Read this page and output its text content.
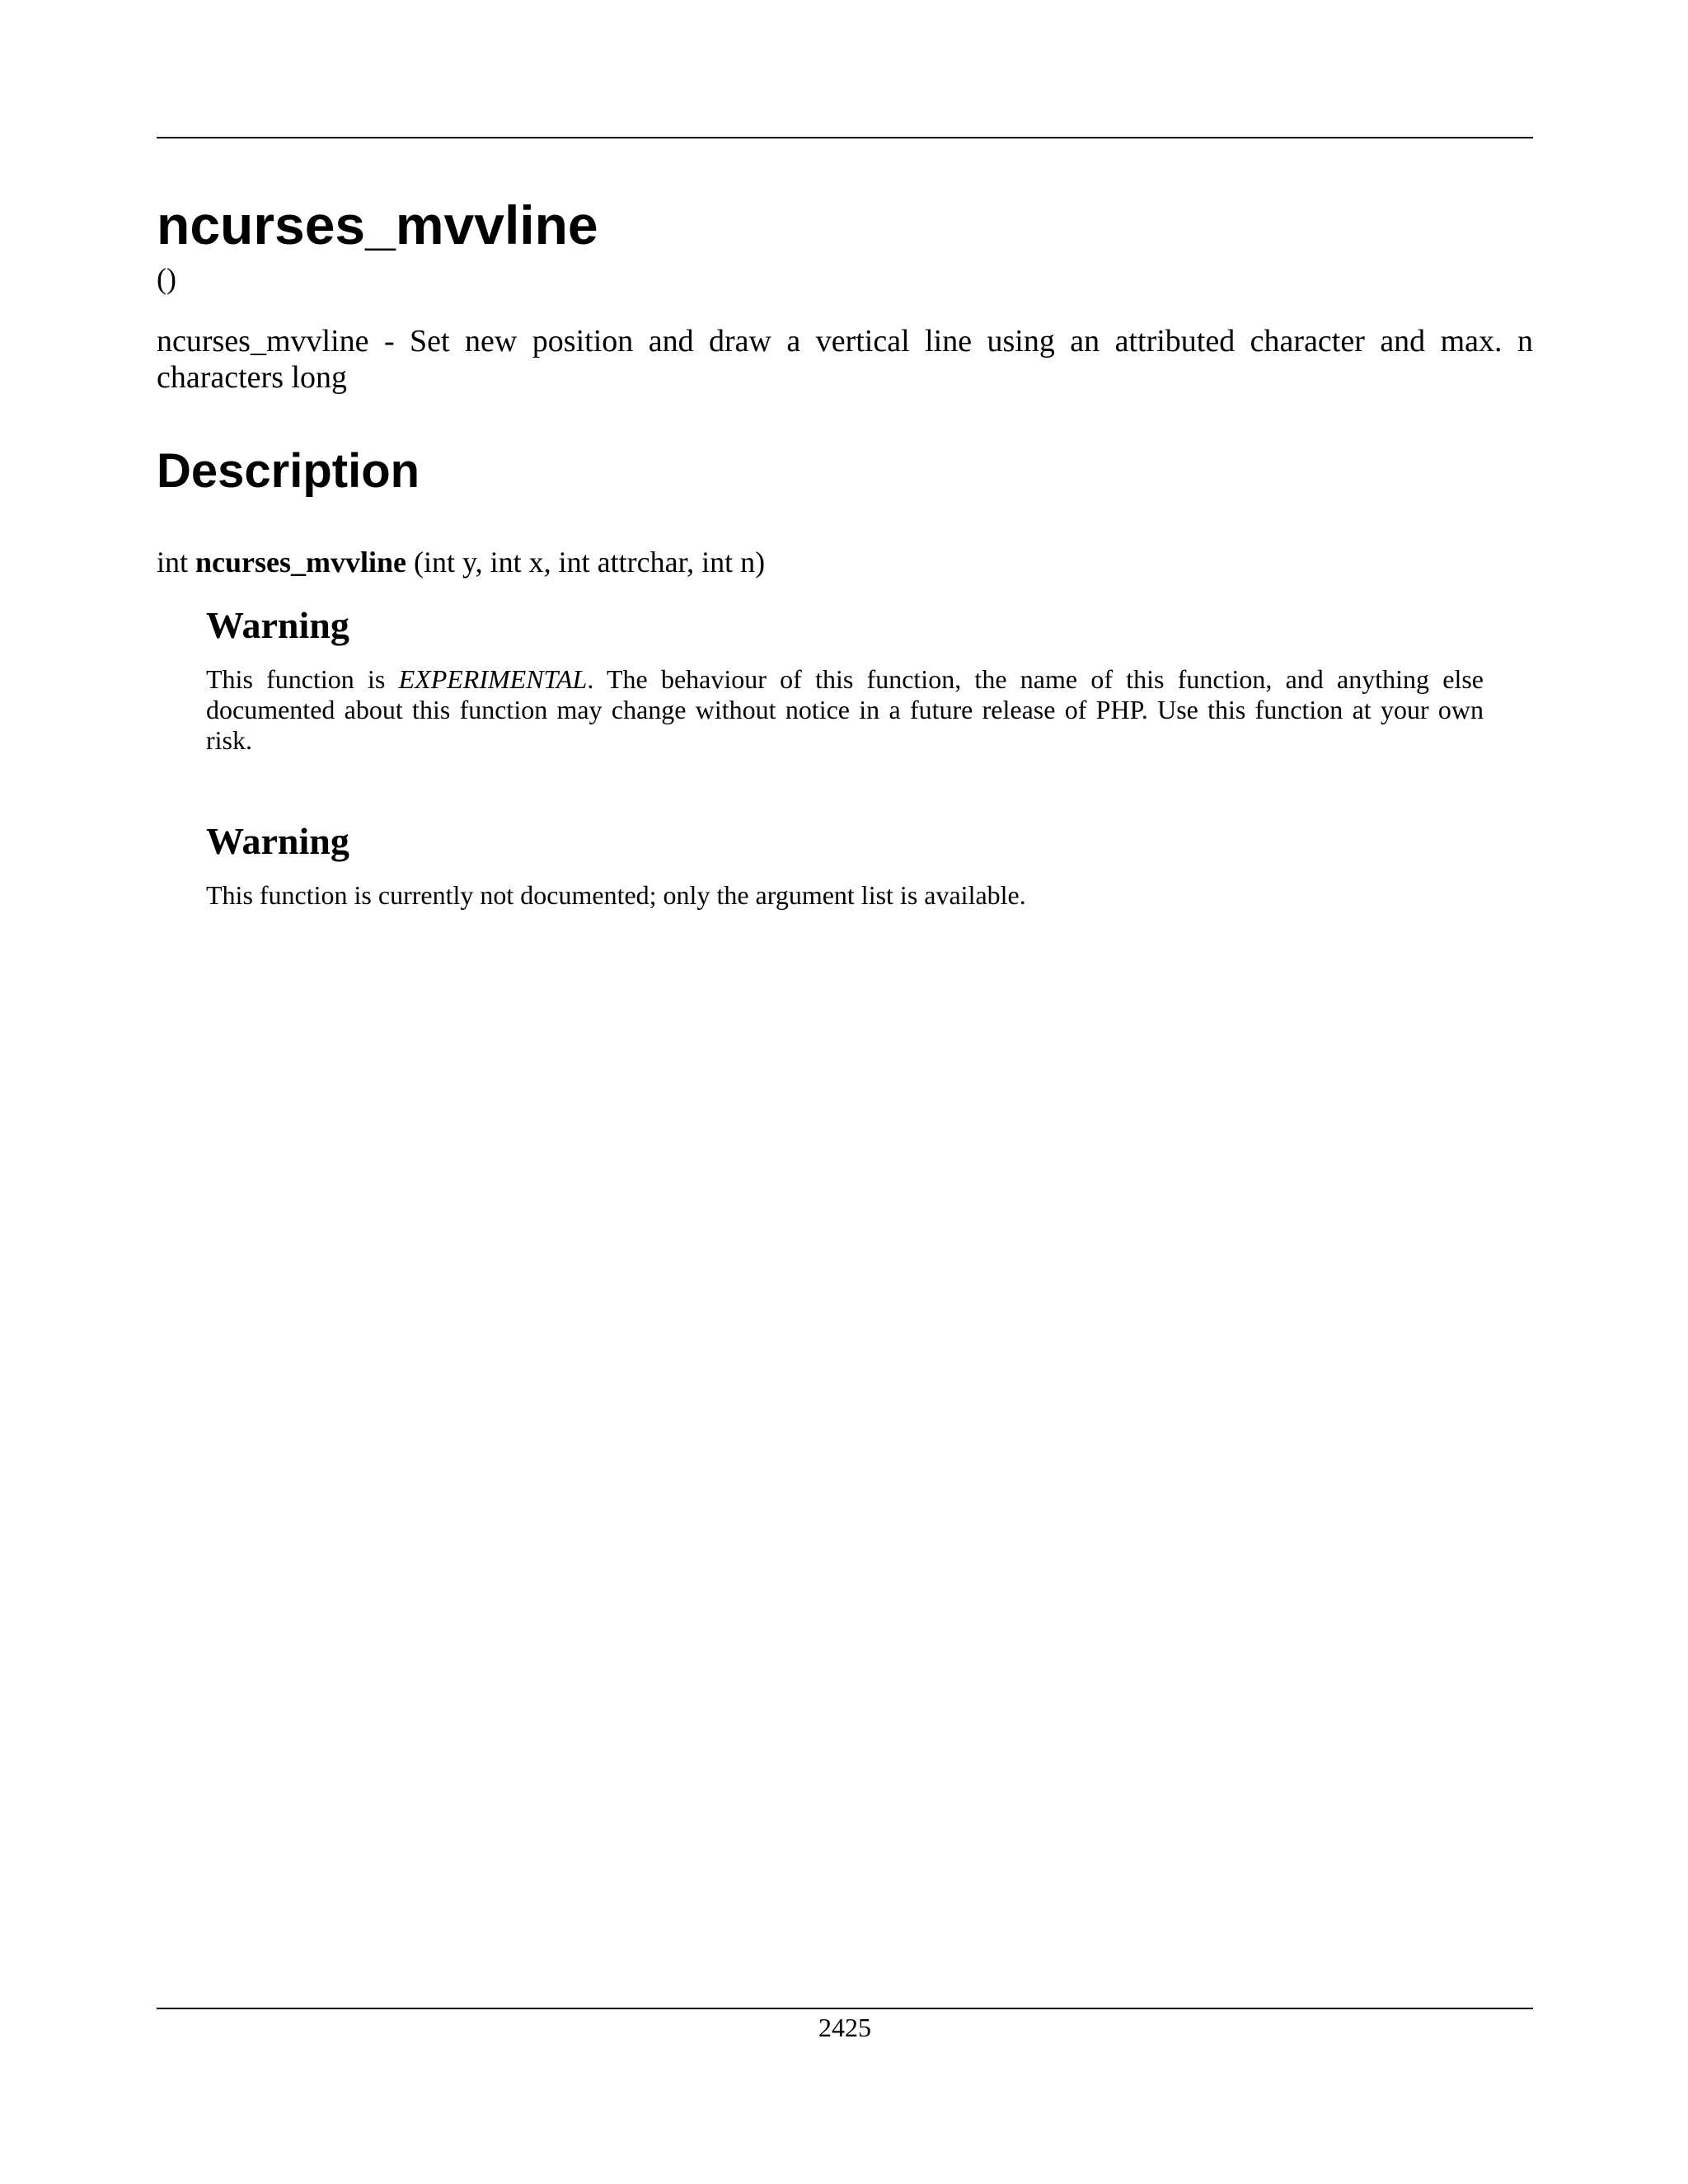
ncurses_mvvline
()

ncurses_mvvline - Set new position and draw a vertical line using an attributed character and max. n characters long

Description
int ncurses_mvvline (int y, int x, int attrchar, int n)
Warning

This function is EXPERIMENTAL. The behaviour of this function, the name of this function, and anything else documented about this function may change without notice in a future release of PHP. Use this function at your own risk.

Warning

This function is currently not documented; only the argument list is available.

2425
